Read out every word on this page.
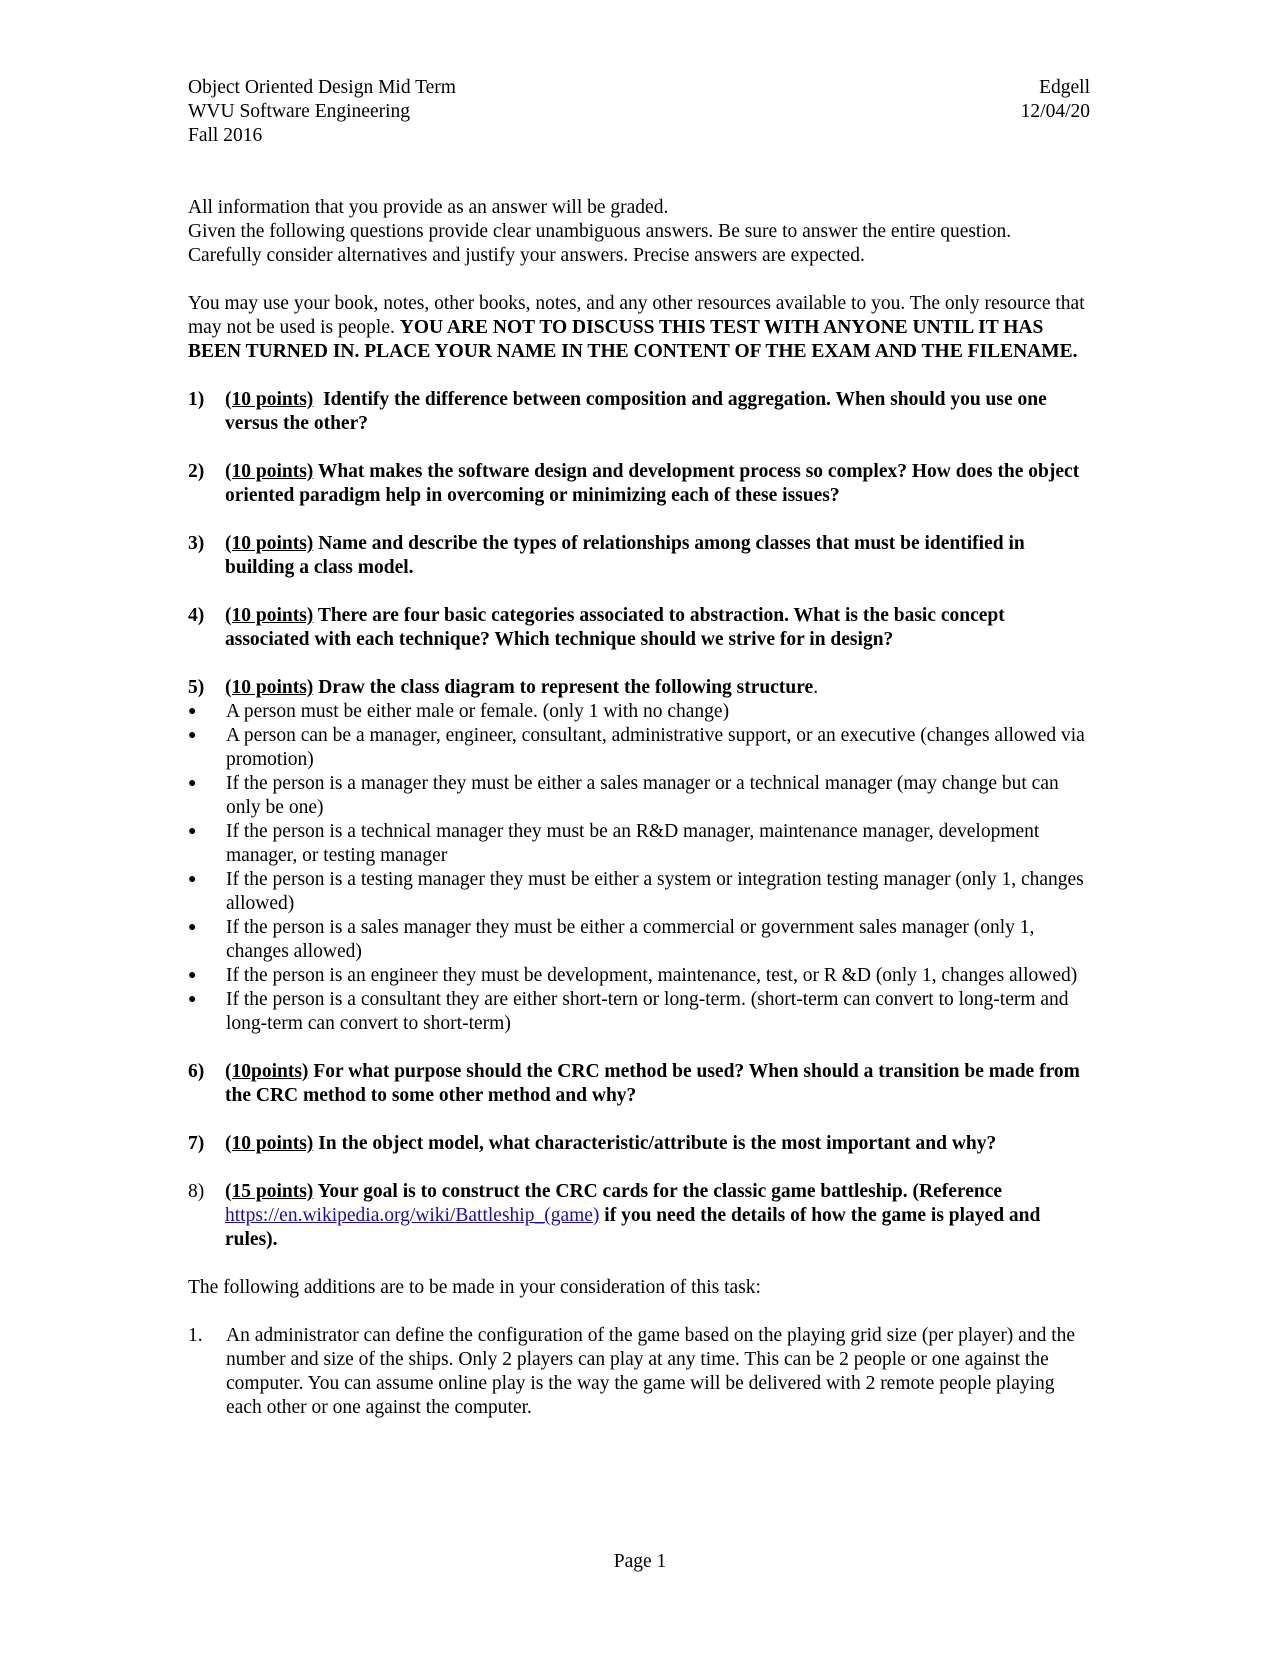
Object Oriented Design Mid Term
WVU Software Engineering
Fall 2016
Edgell
12/04/20
All information that you provide as an answer will be graded.
Given the following questions provide clear unambiguous answers. Be sure to answer the entire question.
Carefully consider alternatives and justify your answers. Precise answers are expected.
You may use your book, notes, other books, notes, and any other resources available to you. The only resource that may not be used is people. YOU ARE NOT TO DISCUSS THIS TEST WITH ANYONE UNTIL IT HAS BEEN TURNED IN. PLACE YOUR NAME IN THE CONTENT OF THE EXAM AND THE FILENAME.
1)	(10 points)  Identify the difference between composition and aggregation. When should you use one versus the other?
2)	(10 points) What makes the software design and development process so complex? How does the object oriented paradigm help in overcoming or minimizing each of these issues?
3)	(10 points) Name and describe the types of relationships among classes that must be identified in building a class model.
4)	(10 points) There are four basic categories associated to abstraction. What is the basic concept associated with each technique? Which technique should we strive for in design?
5)	(10 points) Draw the class diagram to represent the following structure.
●	A person must be either male or female. (only 1 with no change)
●	A person can be a manager, engineer, consultant, administrative support, or an executive (changes allowed via promotion)
●	If the person is a manager they must be either a sales manager or a technical manager (may change but can only be one)
●	If the person is a technical manager they must be an R&D manager, maintenance manager, development manager, or testing manager
●	If the person is a testing manager they must be either a system or integration testing manager (only 1, changes allowed)
●	If the person is a sales manager they must be either a commercial or government sales manager (only 1, changes allowed)
●	If the person is an engineer they must be development, maintenance, test, or R &D (only 1, changes allowed)
●	If the person is a consultant they are either short-tern or long-term. (short-term can convert to long-term and long-term can convert to short-term)
6)	(10points) For what purpose should the CRC method be used? When should a transition be made from the CRC method to some other method and why?
7)	(10 points) In the object model, what characteristic/attribute is the most important and why?
8)	(15 points) Your goal is to construct the CRC cards for the classic game battleship. (Reference https://en.wikipedia.org/wiki/Battleship_(game) if you need the details of how the game is played and rules).
The following additions are to be made in your consideration of this task:
1.	An administrator can define the configuration of the game based on the playing grid size (per player) and the number and size of the ships. Only 2 players can play at any time. This can be 2 people or one against the computer. You can assume online play is the way the game will be delivered with 2 remote people playing each other or one against the computer.
Page 1
